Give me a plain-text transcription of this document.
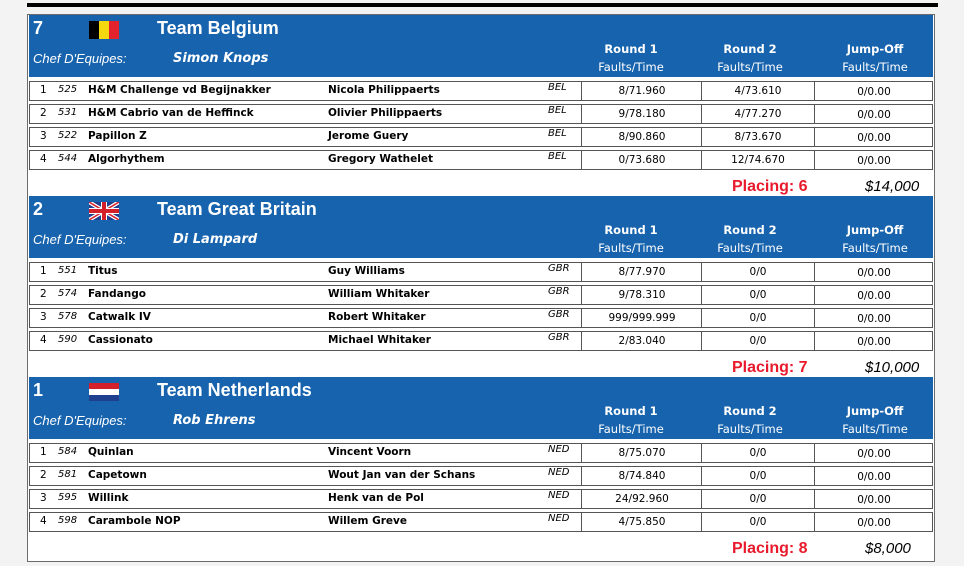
7	Team Belgium
Chef D'Equipes:	Simon Knops
Round 1
Faults/Time
Round 2
Faults/Time
Jump-Off
Faults/Time
1 525 H&M Challenge vd Begijnakker	Nicola Philippaerts	BEL	8/71.960	4/73.610	0/0.00
2 531 H&M Cabrio van de Heffinck	Olivier Philippaerts	BEL	9/78.180	4/77.270	0/0.00
3 522 Papillon Z	Jerome Guery	BEL	8/90.860	8/73.670	0/0.00
4 544 Algorhythem	Gregory Wathelet	BEL	0/73.680	12/74.670	0/0.00
Placing: 6	$14,000
2	Team Great Britain
Chef D'Equipes:	Di Lampard
Round 1
Faults/Time
Round 2
Faults/Time
Jump-Off
Faults/Time
1 551 Titus	Guy Williams	GBR	8/77.970	0/0	0/0.00
2 574 Fandango	William Whitaker	GBR	9/78.310	0/0	0/0.00
3 578 Catwalk IV	Robert Whitaker	GBR	999/999.999	0/0	0/0.00
4 590 Cassionato	Michael Whitaker	GBR	2/83.040	0/0	0/0.00
Placing: 7	$10,000
1	Team Netherlands
Chef D'Equipes:	Rob Ehrens
Round 1
Faults/Time
Round 2
Faults/Time
Jump-Off
Faults/Time
1 584 Quinlan	Vincent Voorn	NED	8/75.070	0/0	0/0.00
2 581 Capetown	Wout Jan van der Schans	NED	8/74.840	0/0	0/0.00
3 595 Willink	Henk van de Pol	NED	24/92.960	0/0	0/0.00
4 598 Carambole NOP	Willem Greve	NED	4/75.850	0/0	0/0.00
Placing: 8	$8,000
